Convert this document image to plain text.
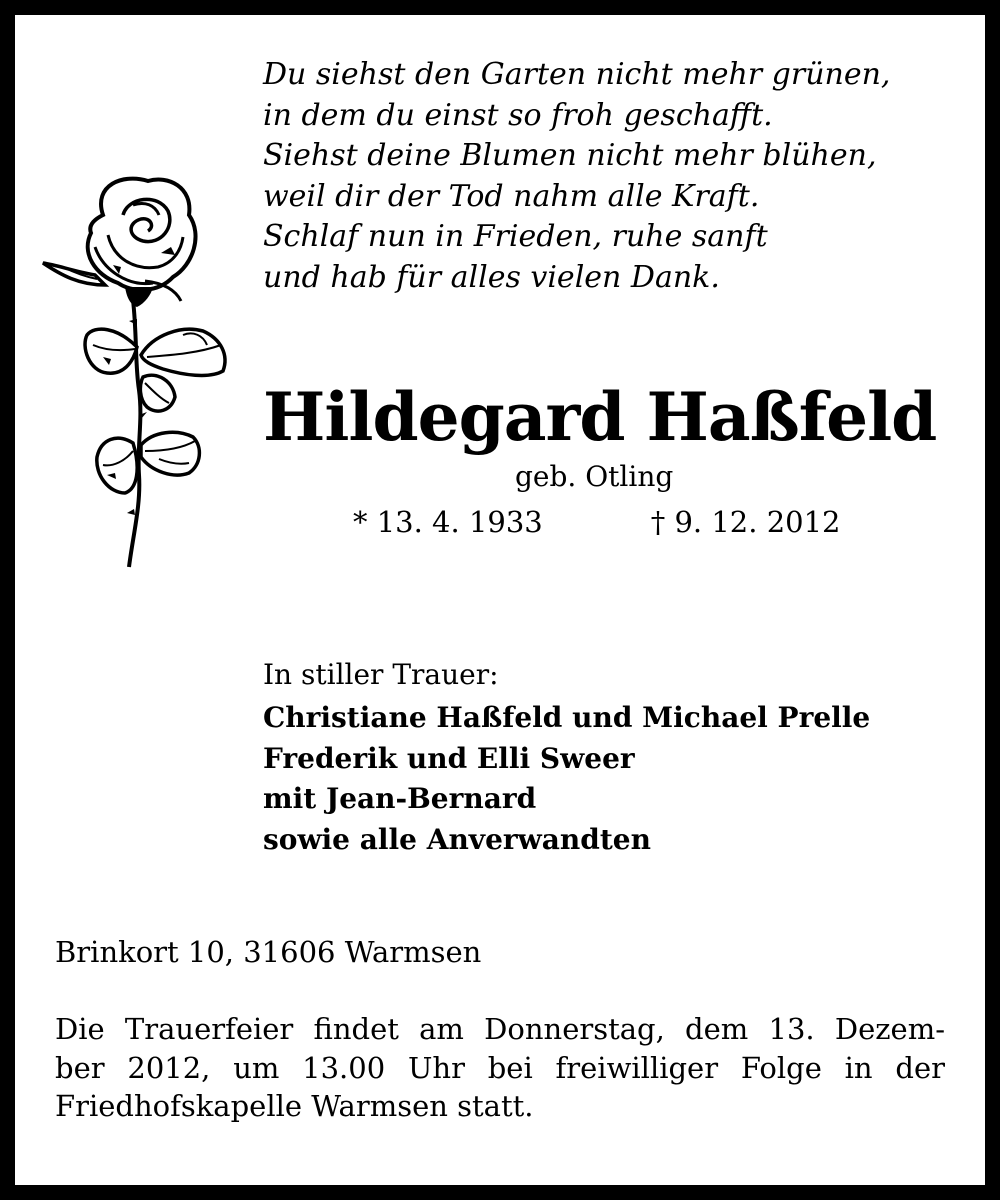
Du siehst den Garten nicht mehr grünen,
in dem du einst so froh geschafft.
Siehst deine Blumen nicht mehr blühen,
weil dir der Tod nahm alle Kraft.
Schlaf nun in Frieden, ruhe sanft
und hab für alles vielen Dank.
Hildegard Haßfeld
geb. Otling
* 13. 4. 1933	† 9. 12. 2012
In stiller Trauer:
Christiane Haßfeld und Michael Prelle
Frederik und Elli Sweer
mit Jean-Bernard
sowie alle Anverwandten
Brinkort 10, 31606 Warmsen
Die Trauerfeier findet am Donnerstag, dem 13. Dezem-
ber 2012, um 13.00 Uhr bei freiwilliger Folge in der
Friedhofskapelle Warmsen statt.
